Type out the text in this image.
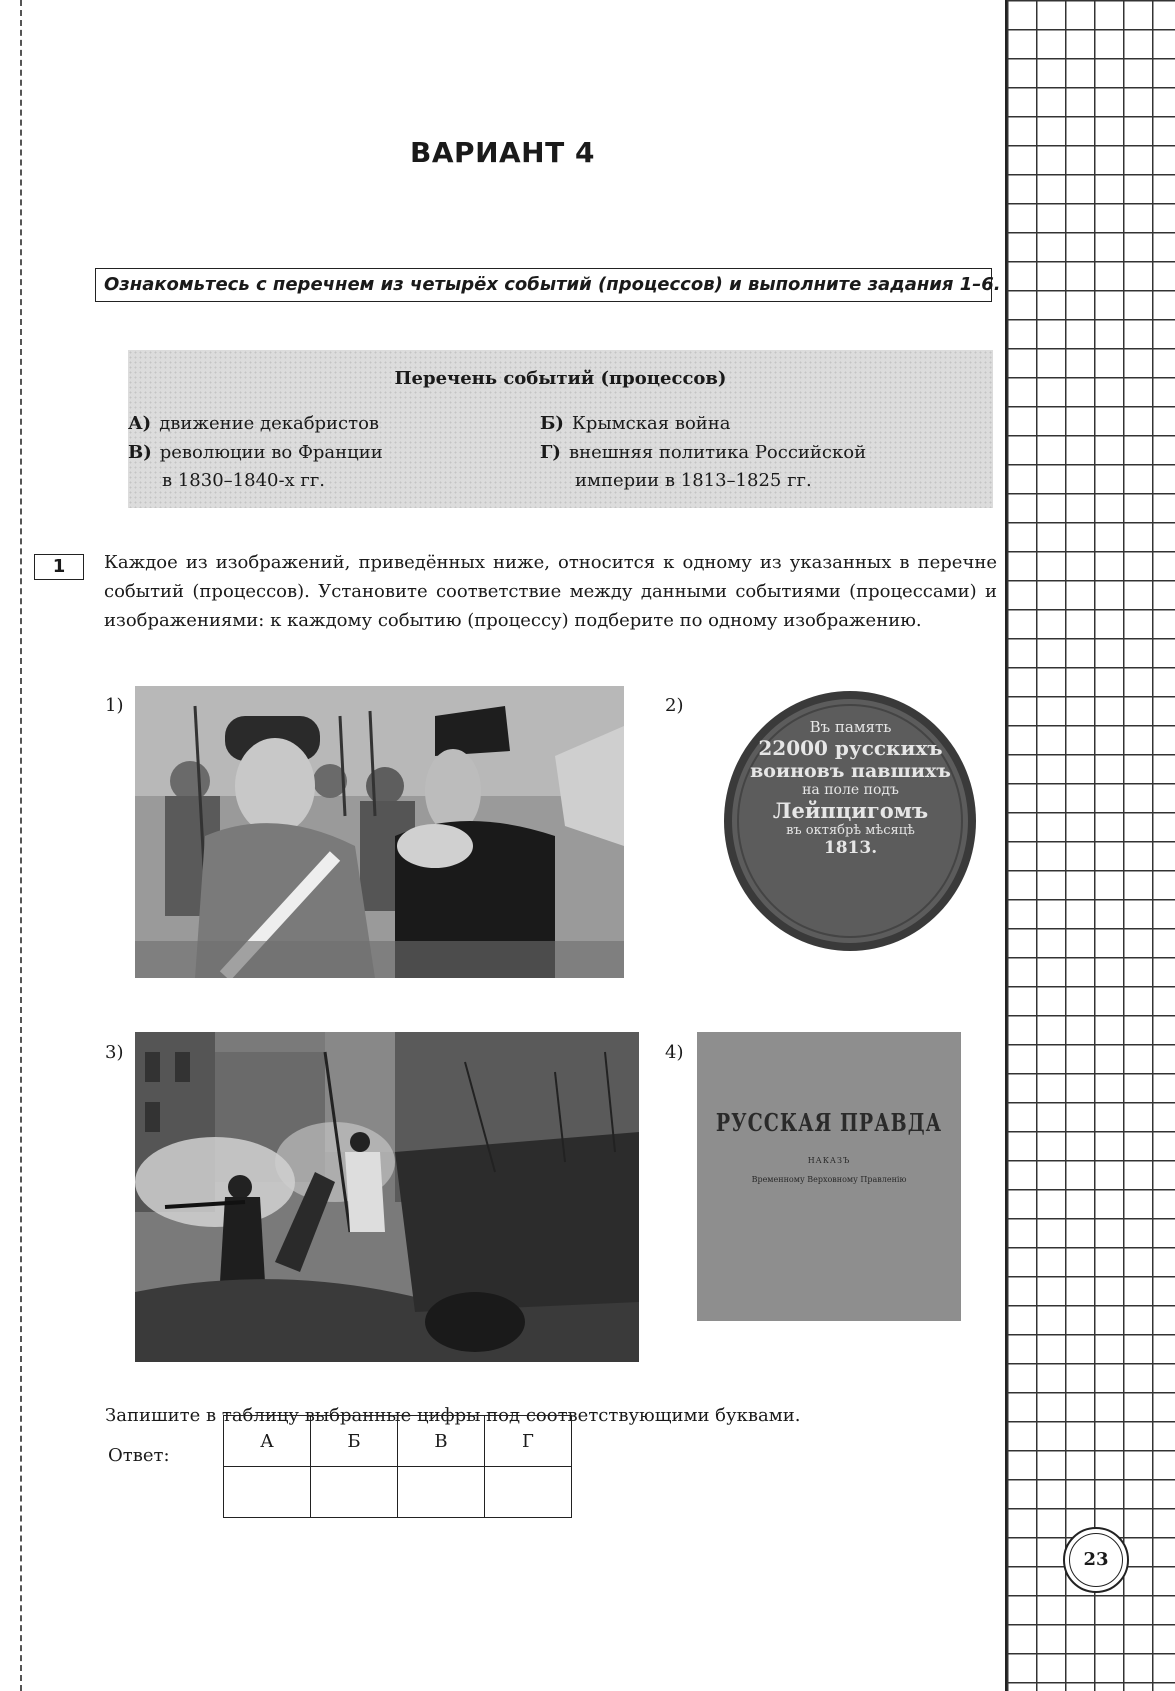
ВАРИАНТ 4
Ознакомьтесь с перечнем из четырёх событий (процессов) и выполните задания 1–6.
Перечень событий (процессов)
А) движение декабристов
В) революции во Франции
в 1830–1840-х гг.
Б) Крымская война
Г) внешняя политика Российской
империи в 1813–1825 гг.
1	Каждое из изображений, приведённых ниже, относится к одному из указанных в перечне событий (процессов). Установите соответствие между данными событиями (процессами) и изображениями: к каждому событию (процессу) подберите по одному изображению.
1)	2)
Въ память
22000 русскихъ
воиновъ павшихъ
на поле подъ
Лейпцигомъ
въ октябрѣ мѣсяцѣ
1813.
3)	4)
РУССКАЯ ПРАВДА
НАКАЗЪ
Временному Верховному Правленію
Запишите в таблицу выбранные цифры под соответствующими буквами.
Ответ:
А	Б	В	Г

23
